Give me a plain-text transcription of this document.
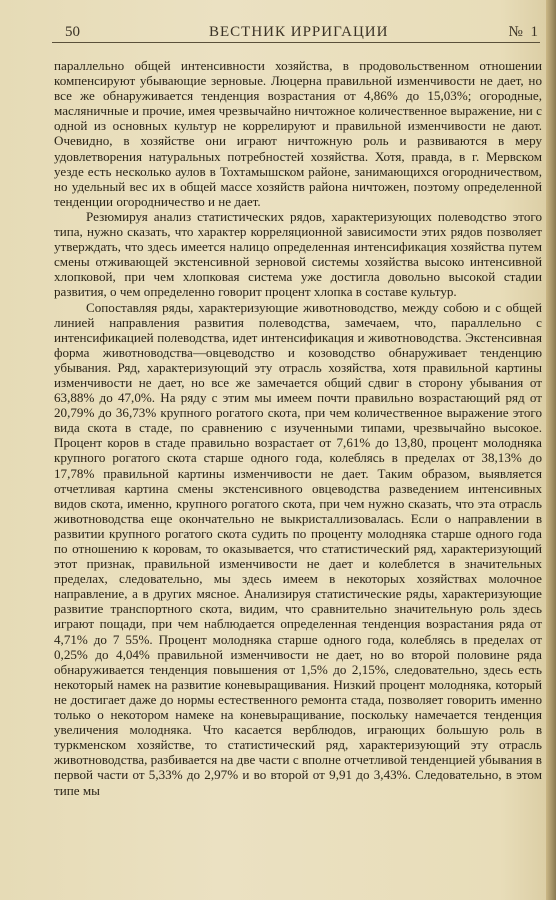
50	ВЕСТНИК ИРРИГАЦИИ	№ 1

параллельно общей интенсивности хозяйства, в продовольственном отношении компенсируют убывающие зерновые. Люцерна правильной изменчивости не дает, но все же обнаруживается тенденция возрастания от 4,86% до 15,03%; огородные, масляничные и прочие, имея чрезвычайно ничтожное количественное выражение, ни с одной из основных культур не коррелируют и правильной изменчивости не дают. Очевидно, в хозяйстве они играют ничтожную роль и развиваются в меру удовлетворения натуральных потребностей хозяйства. Хотя, правда, в г. Мервском уезде есть несколько аулов в Тохтамышском районе, занимающихся огородничеством, но удельный вес их в общей массе хозяйств района ничтожен, поэтому определенной тенденции огородничество и не дает.

Резюмируя анализ статистических рядов, характеризующих полеводство этого типа, нужно сказать, что характер корреляционной зависимости этих рядов позволяет утверждать, что здесь имеется налицо определенная интенсификация хозяйства путем смены отживающей экстенсивной зерновой системы хозяйства высоко интенсивной хлопковой, при чем хлопковая система уже достигла довольно высокой стадии развития, о чем определенно говорит процент хлопка в составе культур.

Сопоставляя ряды, характеризующие животноводство, между собою и с общей линией направления развития полеводства, замечаем, что, параллельно с интенсификацией полеводства, идет интенсификация и животноводства. Экстенсивная форма животноводства—овцеводство и козоводство обнаруживает тенденцию убывания. Ряд, характеризующий эту отрасль хозяйства, хотя правильной картины изменчивости не дает, но все же замечается общий сдвиг в сторону убывания от 63,88% до 47,0%. На ряду с этим мы имеем почти правильно возрастающий ряд от 20,79% до 36,73% крупного рогатого скота, при чем количественное выражение этого вида скота в стаде, по сравнению с изученными типами, чрезвычайно высокое. Процент коров в стаде правильно возрастает от 7,61% до 13,80, процент молодняка крупного рогатого скота старше одного года, колеблясь в пределах от 38,13% до 17,78% правильной картины изменчивости не дает. Таким образом, выявляется отчетливая картина смены экстенсивного овцеводства разведением интенсивных видов скота, именно, крупного рогатого скота, при чем нужно сказать, что эта отрасль животноводства еще окончательно не выкристаллизовалась. Если о направлении в развитии крупного рогатого скота судить по проценту молодняка старше одного года по отношению к коровам, то оказывается, что статистический ряд, характеризующий этот признак, правильной изменчивости не дает и колеблется в значительных пределах, следовательно, мы здесь имеем в некоторых хозяйствах молочное направление, а в других мясное. Анализируя статистические ряды, характеризующие развитие транспортного скота, видим, что сравнительно значительную роль здесь играют пощади, при чем наблюдается определенная тенденция возрастания ряда от 4,71% до 7 55%. Процент молодняка старше одного года, колеблясь в пределах от 0,25% до 4,04% правильной изменчивости не дает, но во второй половине ряда обнаруживается тенденция повышения от 1,5% до 2,15%, следовательно, здесь есть некоторый намек на развитие коневыращивания. Низкий процент молодняка, который не достигает даже до нормы естественного ремонта стада, позволяет говорить именно только о некотором намеке на коневыращивание, поскольку намечается тенденция увеличения молодняка. Что касается верблюдов, играющих большую роль в туркменском хозяйстве, то статистический ряд, характеризующий эту отрасль животноводства, разбивается на две части с вполне отчетливой тенденцией убывания в первой части от 5,33% до 2,97% и во второй от 9,91 до 3,43%. Следовательно, в этом типе мы
